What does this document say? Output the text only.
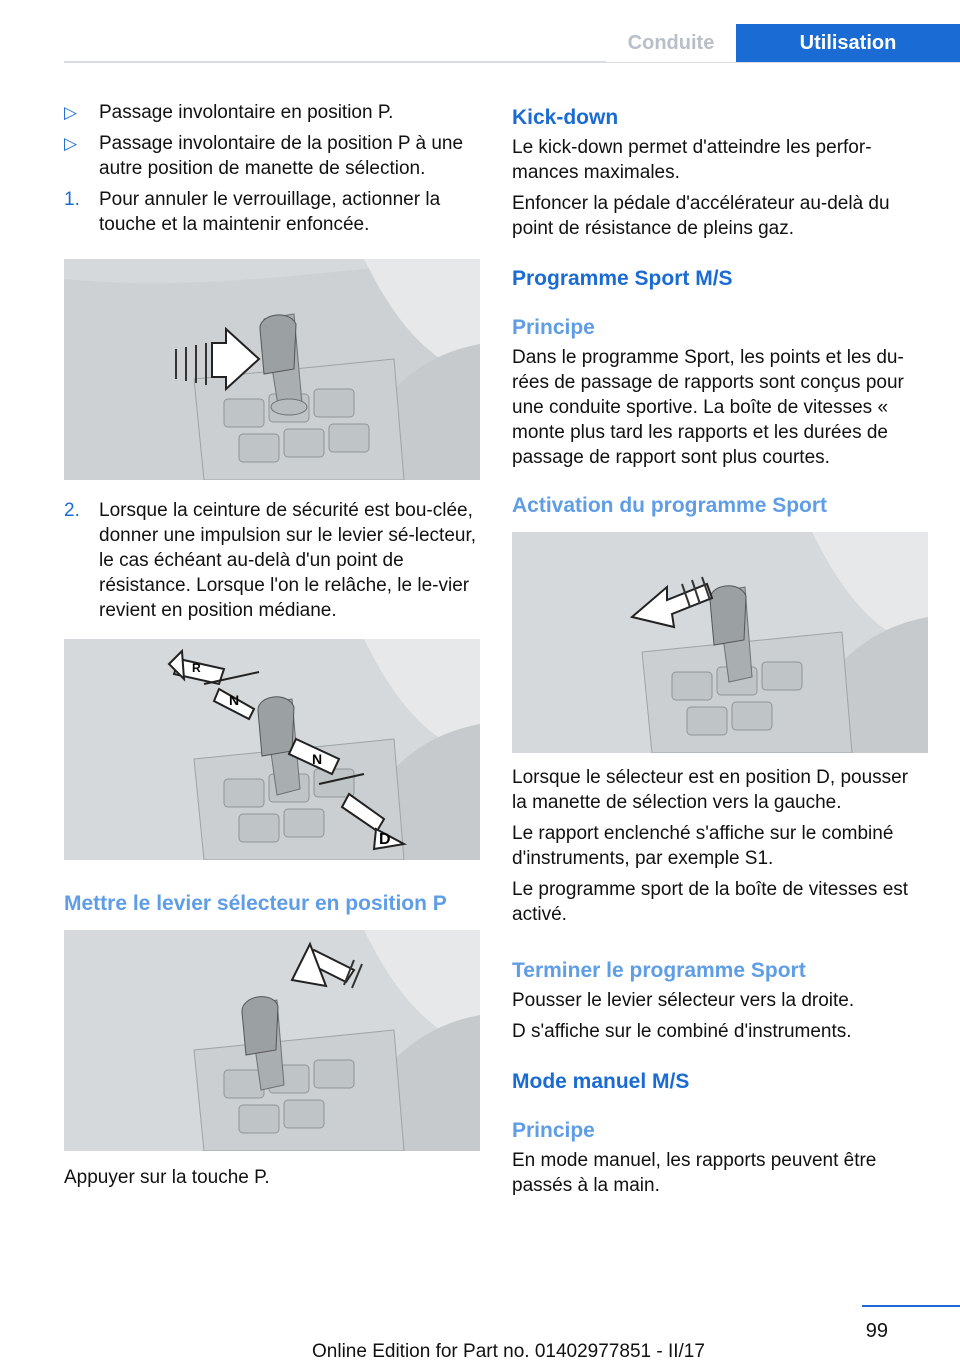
Conduite	Utilisation
▷ Passage involontaire en position P.
▷ Passage involontaire de la position P à une autre position de manette de sélection.
1. Pour annuler le verrouillage, actionner la touche et la maintenir enfoncée.
2. Lorsque la ceinture de sécurité est bou‐clée, donner une impulsion sur le levier sé‐lecteur, le cas échéant au-delà d'un point de résistance. Lorsque l'on le relâche, le le‐vier revient en position médiane.
R
N
N
D
Mettre le levier sélecteur en position P

Appuyer sur la touche P.

Kick-down

Le kick-down permet d'atteindre les perfor‐mances maximales.

Enfoncer la pédale d'accélérateur au-delà du point de résistance de pleins gaz.

Programme Sport M/S
Principe

Dans le programme Sport, les points et les du‐rées de passage de rapports sont conçus pour une conduite sportive. La boîte de vitesses « monte plus tard les rapports et les durées de passage de rapport sont plus courtes.

Activation du programme Sport

Lorsque le sélecteur est en position D, pousser la manette de sélection vers la gauche.

Le rapport enclenché s'affiche sur le combiné d'instruments, par exemple S1.

Le programme sport de la boîte de vitesses est activé.

Terminer le programme Sport

Pousser le levier sélecteur vers la droite.

D s'affiche sur le combiné d'instruments.

Mode manuel M/S
Principe

En mode manuel, les rapports peuvent être passés à la main.

99
Online Edition for Part no. 01402977851 - II/17
